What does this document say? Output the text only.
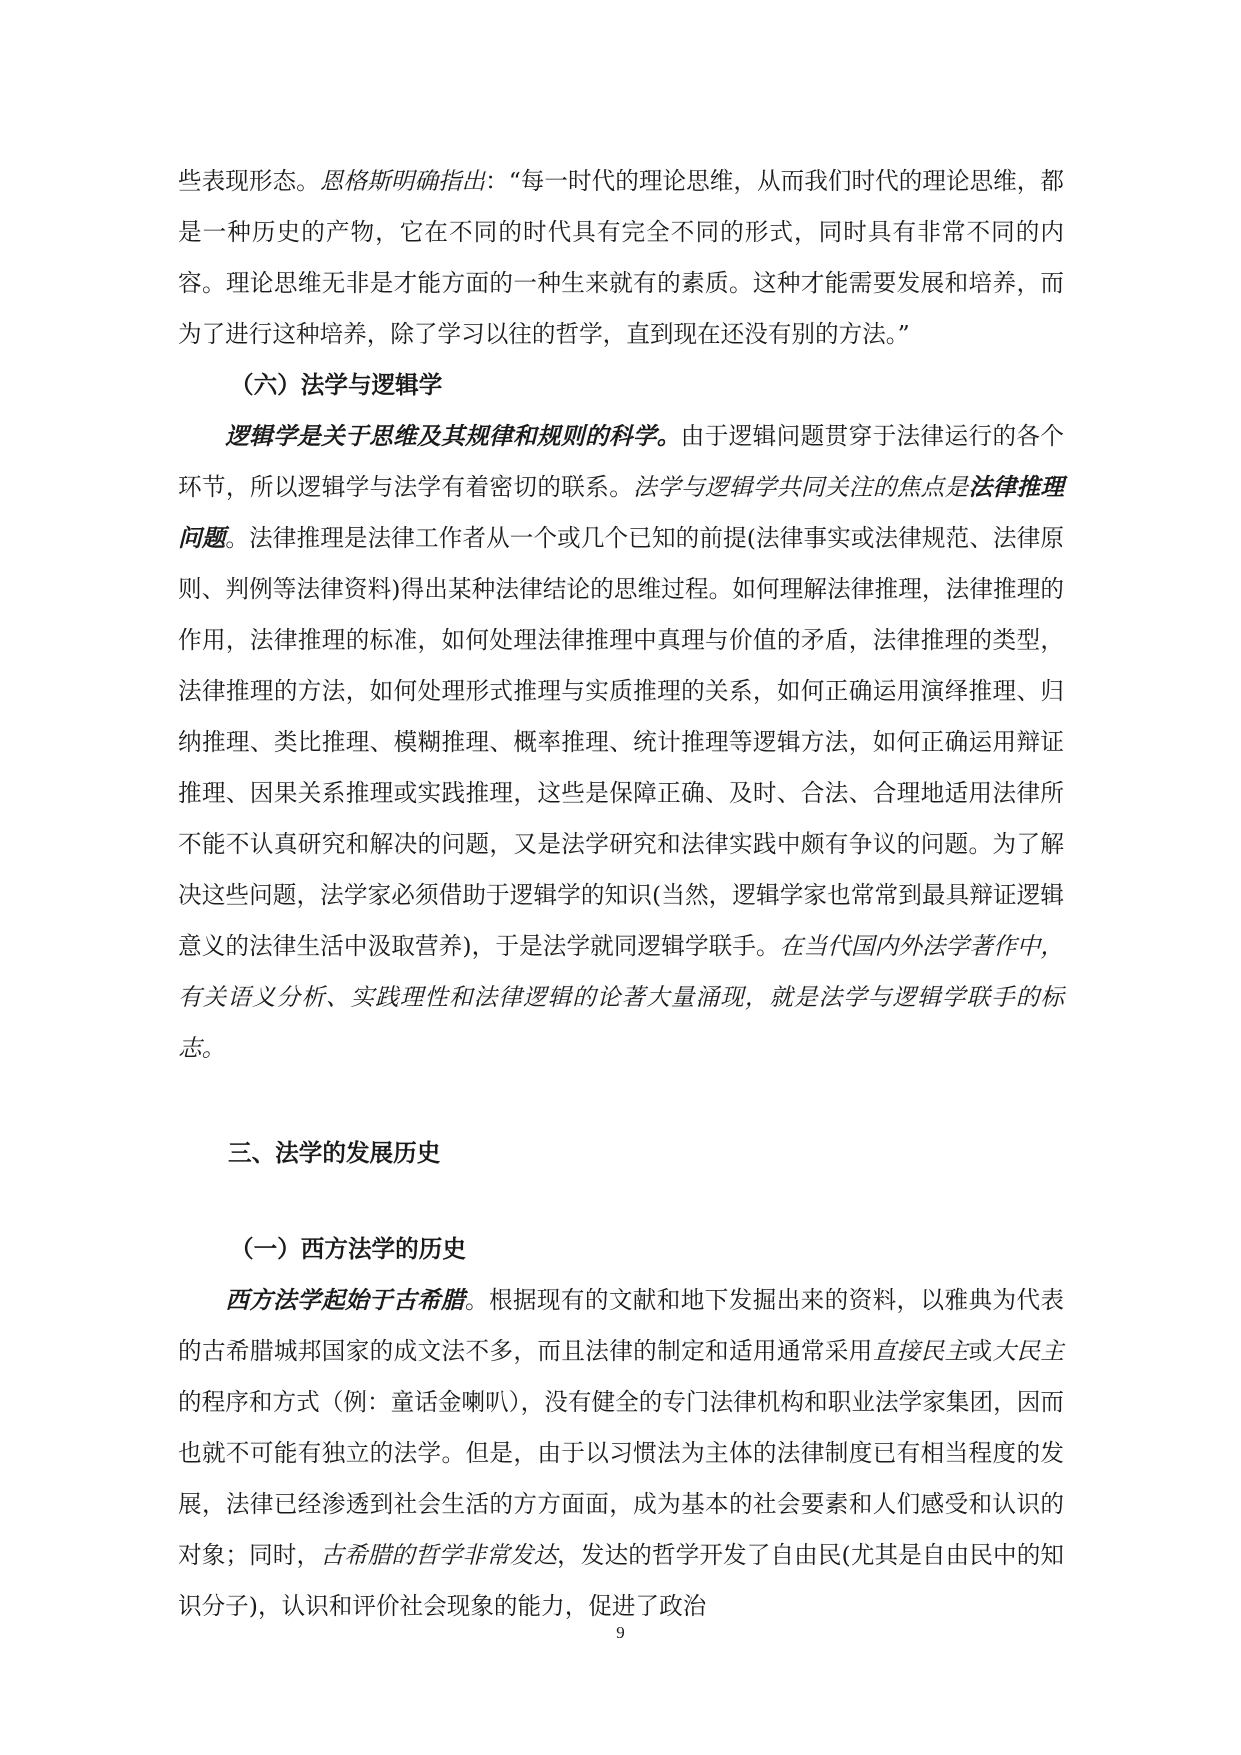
些表现形态。恩格斯明确指出：“每一时代的理论思维，从而我们时代的理论思维，都是一种历史的产物，它在不同的时代具有完全不同的形式，同时具有非常不同的内容。理论思维无非是才能方面的一种生来就有的素质。这种才能需要发展和培养，而为了进行这种培养，除了学习以往的哲学，直到现在还没有别的方法。”

（六）法学与逻辑学

逻辑学是关于思维及其规律和规则的科学。由于逻辑问题贯穿于法律运行的各个环节，所以逻辑学与法学有着密切的联系。法学与逻辑学共同关注的焦点是法律推理问题。法律推理是法律工作者从一个或几个已知的前提(法律事实或法律规范、法律原则、判例等法律资料)得出某种法律结论的思维过程。如何理解法律推理，法律推理的作用，法律推理的标准，如何处理法律推理中真理与价值的矛盾，法律推理的类型，法律推理的方法，如何处理形式推理与实质推理的关系，如何正确运用演绎推理、归纳推理、类比推理、模糊推理、概率推理、统计推理等逻辑方法，如何正确运用辩证推理、因果关系推理或实践推理，这些是保障正确、及时、合法、合理地适用法律所不能不认真研究和解决的问题，又是法学研究和法律实践中颇有争议的问题。为了解决这些问题，法学家必须借助于逻辑学的知识(当然，逻辑学家也常常到最具辩证逻辑意义的法律生活中汲取营养)，于是法学就同逻辑学联手。在当代国内外法学著作中，有关语义分析、实践理性和法律逻辑的论著大量涌现，就是法学与逻辑学联手的标志。

三、法学的发展历史

（一）西方法学的历史

西方法学起始于古希腊。根据现有的文献和地下发掘出来的资料，以雅典为代表的古希腊城邦国家的成文法不多，而且法律的制定和适用通常采用直接民主或大民主的程序和方式（例：童话金喇叭），没有健全的专门法律机构和职业法学家集团，因而也就不可能有独立的法学。但是，由于以习惯法为主体的法律制度已有相当程度的发展，法律已经渗透到社会生活的方方面面，成为基本的社会要素和人们感受和认识的对象；同时，古希腊的哲学非常发达，发达的哲学开发了自由民(尤其是自由民中的知识分子)，认识和评价社会现象的能力，促进了政治

9
